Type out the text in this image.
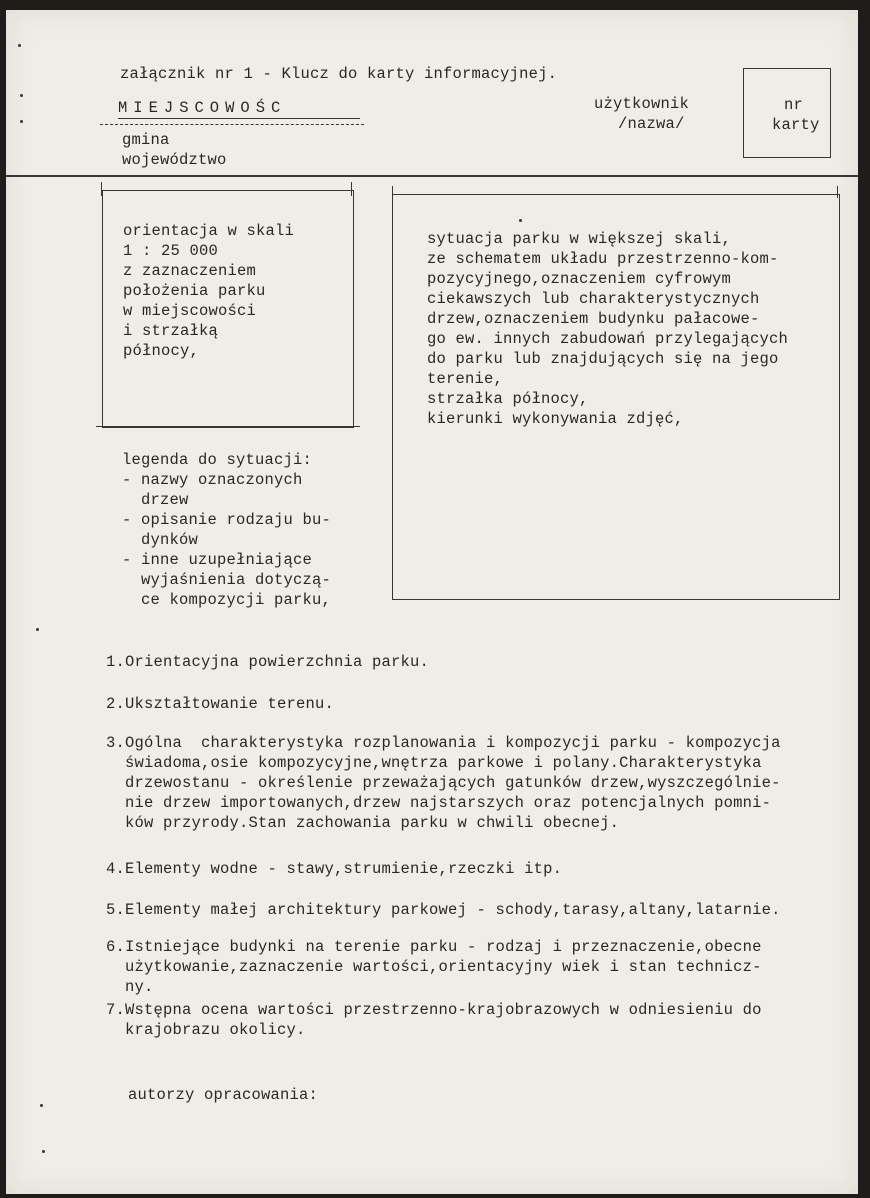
załącznik nr 1 - Klucz do karty informacyjnej.
MIEJSCOWOŚC
gmina
województwo
użytkownik
/nazwa/
nr
karty
orientacja w skali
1 : 25 000
z zaznaczeniem
położenia parku
w miejscowości
i strzałką
północy,
sytuacja parku w większej skali,
ze schematem układu przestrzenno-kom-
pozycyjnego,oznaczeniem cyfrowym
ciekawszych lub charakterystycznych
drzew,oznaczeniem budynku pałacowe-
go ew. innych zabudowań przylegających
do parku lub znajdujących się na jego
terenie,
strzałka północy,
kierunki wykonywania zdjęć,
legenda do sytuacji:
- nazwy oznaczonych
drzew
- opisanie rodzaju bu-
dynków
- inne uzupełniające
wyjaśnienia dotyczą-
ce kompozycji parku,
1.Orientacyjna powierzchnia parku.
2.Ukształtowanie terenu.
3.Ogólna  charakterystyka rozplanowania i kompozycji parku - kompozycja
świadoma,osie kompozycyjne,wnętrza parkowe i polany.Charakterystyka
drzewostanu - określenie przeważających gatunków drzew,wyszczególnie-
nie drzew importowanych,drzew najstarszych oraz potencjalnych pomni-
ków przyrody.Stan zachowania parku w chwili obecnej.
4.Elementy wodne - stawy,strumienie,rzeczki itp.
5.Elementy małej architektury parkowej - schody,tarasy,altany,latarnie.
6.Istniejące budynki na terenie parku - rodzaj i przeznaczenie,obecne
użytkowanie,zaznaczenie wartości,orientacyjny wiek i stan technicz-
ny.
7.Wstępna ocena wartości przestrzenno-krajobrazowych w odniesieniu do
krajobrazu okolicy.
autorzy opracowania:
